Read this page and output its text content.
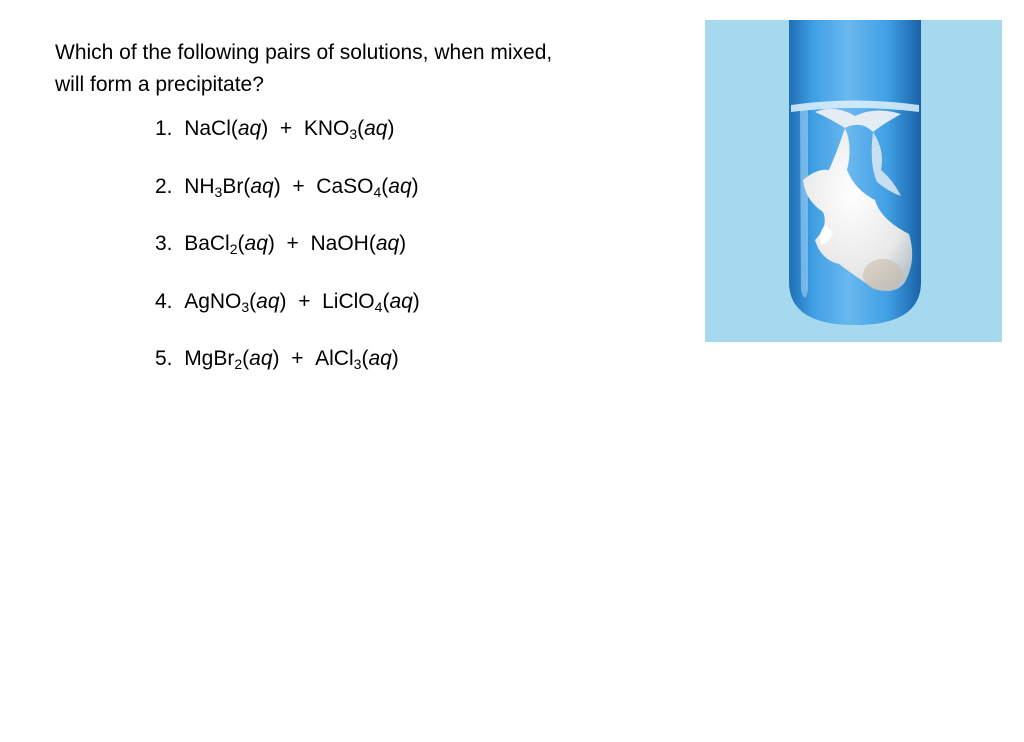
Which of the following pairs of solutions, when mixed,
will form a precipitate?
1. NaCl(aq)  +  $KNO_3(aq)$
2. $NH_3Br(aq)$  +  CaSO$_4$(aq)
3. BaCl$_2$(aq)  +  NaOH(aq)
4. AgNO$_3$(aq)  +  LiClO$_4$(aq)
5. MgBr$_2$(aq)  +  AlCl$_3$(aq)
